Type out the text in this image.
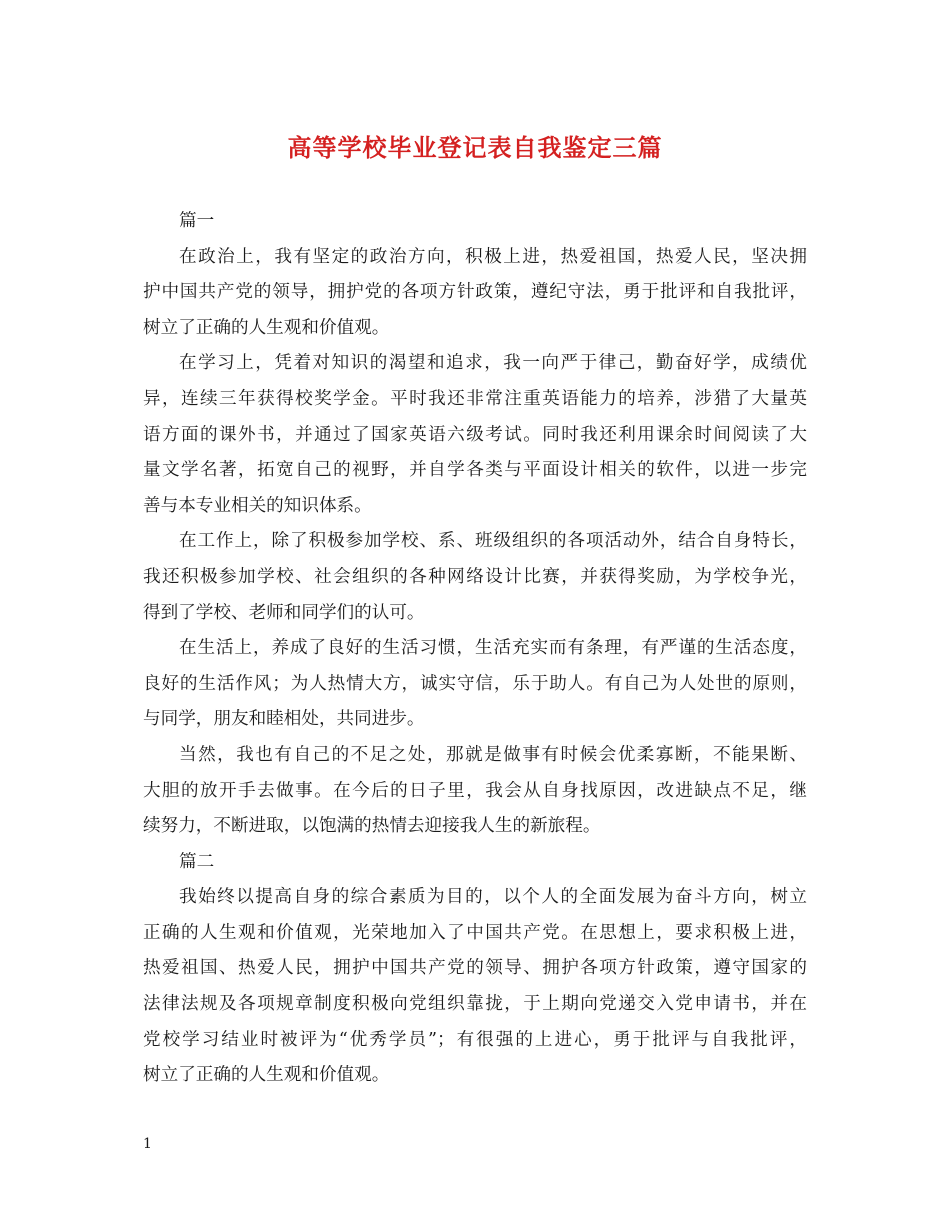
高等学校毕业登记表自我鉴定三篇
篇一
在政治上，我有坚定的政治方向，积极上进，热爱祖国，热爱人民，坚决拥
护中国共产党的领导，拥护党的各项方针政策，遵纪守法，勇于批评和自我批评，
树立了正确的人生观和价值观。
在学习上，凭着对知识的渴望和追求，我一向严于律己，勤奋好学，成绩优
异，连续三年获得校奖学金。平时我还非常注重英语能力的培养，涉猎了大量英
语方面的课外书，并通过了国家英语六级考试。同时我还利用课余时间阅读了大
量文学名著，拓宽自己的视野，并自学各类与平面设计相关的软件，以进一步完
善与本专业相关的知识体系。
在工作上，除了积极参加学校、系、班级组织的各项活动外，结合自身特长，
我还积极参加学校、社会组织的各种网络设计比赛，并获得奖励，为学校争光，
得到了学校、老师和同学们的认可。
在生活上，养成了良好的生活习惯，生活充实而有条理，有严谨的生活态度，
良好的生活作风；为人热情大方，诚实守信，乐于助人。有自己为人处世的原则，
与同学，朋友和睦相处，共同进步。
当然，我也有自己的不足之处，那就是做事有时候会优柔寡断，不能果断、
大胆的放开手去做事。在今后的日子里，我会从自身找原因，改进缺点不足，继
续努力，不断进取，以饱满的热情去迎接我人生的新旅程。
篇二
我始终以提高自身的综合素质为目的，以个人的全面发展为奋斗方向，树立
正确的人生观和价值观，光荣地加入了中国共产党。在思想上，要求积极上进，
热爱祖国、热爱人民，拥护中国共产党的领导、拥护各项方针政策，遵守国家的
法律法规及各项规章制度积极向党组织靠拢，于上期向党递交入党申请书，并在
党校学习结业时被评为“优秀学员”；有很强的上进心，勇于批评与自我批评，
树立了正确的人生观和价值观。
1
